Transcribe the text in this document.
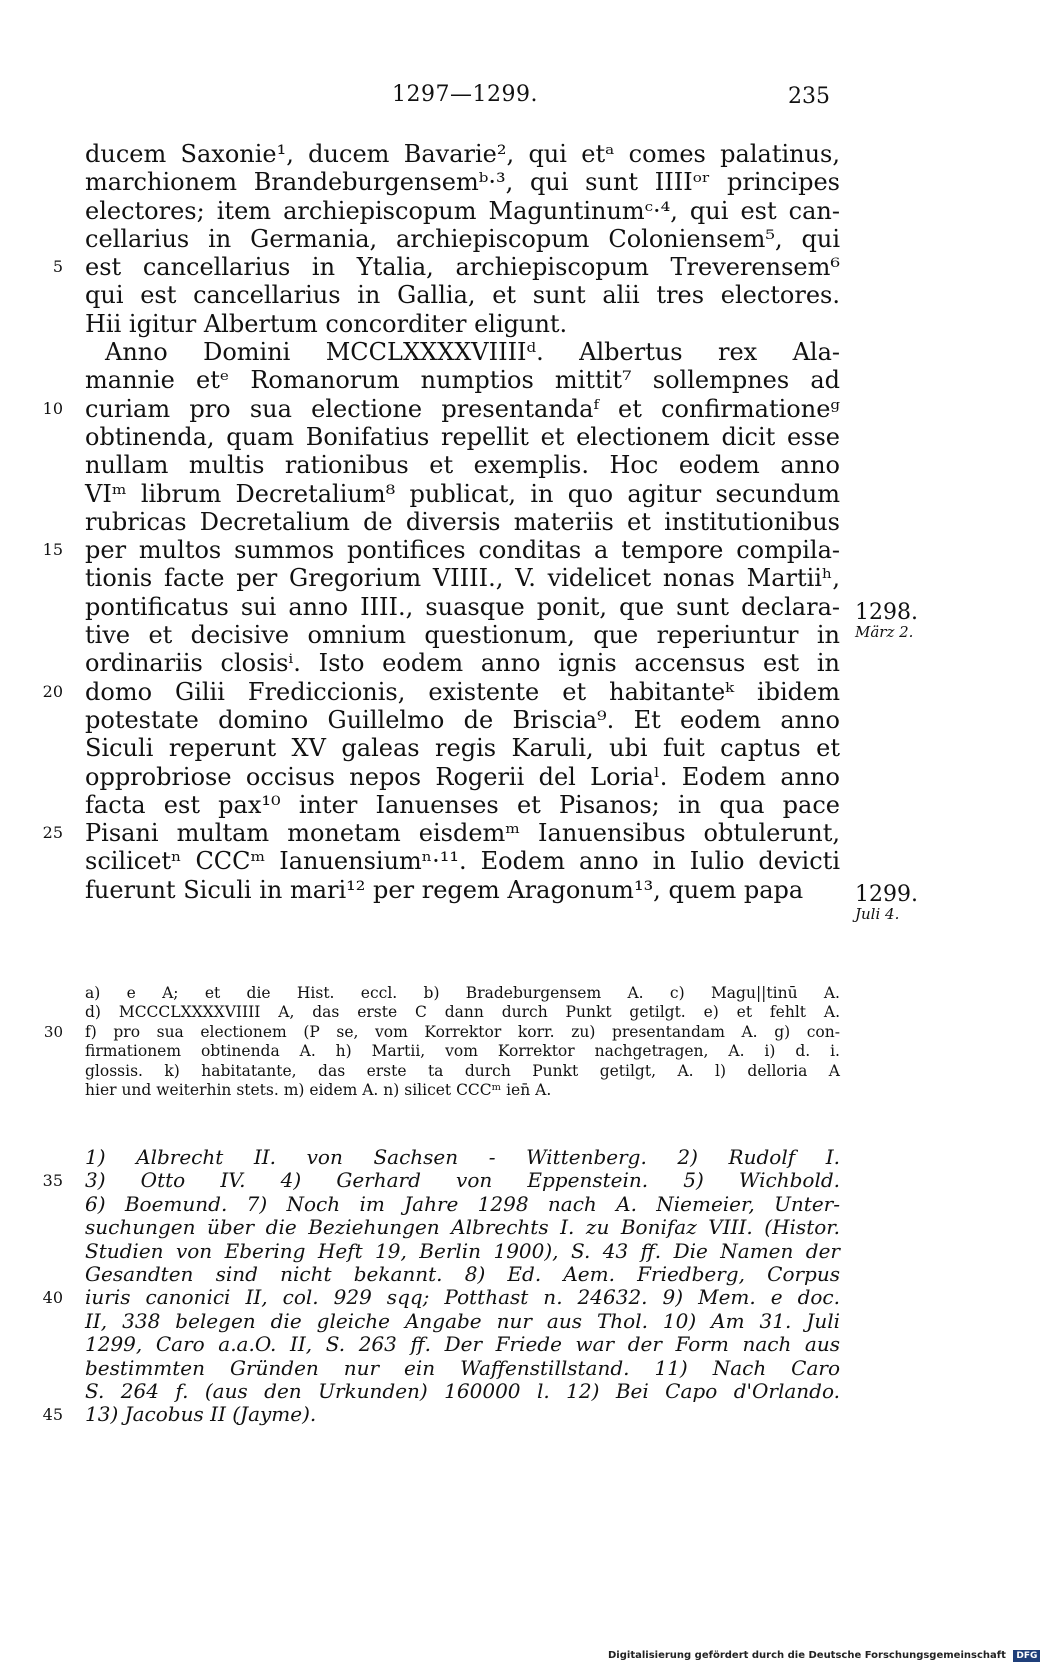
1297—1299.	235
ducem Saxonie¹, ducem Bavarie², qui etᵃ comes palatinus,
marchionem Brandeburgensemᵇ·³, qui sunt IIIIᵒʳ principes
electores; item archiepiscopum Maguntinumᶜ·⁴, qui est can-
cellarius in Germania, archiepiscopum Coloniensem⁵, qui
5 est cancellarius in Ytalia, archiepiscopum Treverensem⁶
qui est cancellarius in Gallia, et sunt alii tres electores.
Hii igitur Albertum concorditer eligunt.
Anno Domini MCCLXXXXVIIIIᵈ. Albertus rex Ala-
mannie etᵉ Romanorum numptios mittit⁷ sollempnes ad
10 curiam pro sua electione presentandaᶠ et confirmationeᵍ
obtinenda, quam Bonifatius repellit et electionem dicit esse
nullam multis rationibus et exemplis. Hoc eodem anno
VIᵐ librum Decretalium⁸ publicat, in quo agitur secundum
rubricas Decretalium de diversis materiis et institutionibus
15 per multos summos pontifices conditas a tempore compila-
tionis facte per Gregorium VIIII., V. videlicet nonas Martiiʰ,
pontificatus sui anno IIII., suasque ponit, que sunt declara-
tive et decisive omnium questionum, que reperiuntur in
ordinariis closisⁱ. Isto eodem anno ignis accensus est in
20 domo Gilii Frediccionis, existente et habitanteᵏ ibidem
potestate domino Guillelmo de Briscia⁹. Et eodem anno
Siculi reperunt XV galeas regis Karuli, ubi fuit captus et
opprobriose occisus nepos Rogerii del Loriaˡ. Eodem anno
facta est pax¹⁰ inter Ianuenses et Pisanos; in qua pace
25 Pisani multam monetam eisdemᵐ Ianuensibus obtulerunt,
scilicetⁿ CCCᵐ Ianuensiumⁿ·¹¹. Eodem anno in Iulio devicti
fuerunt Siculi in mari¹² per regem Aragonum¹³, quem papa
1298.
März 2.
1299.
Juli 4.
a) e A; et die Hist. eccl. b) Bradeburgensem A. c) Magu||tinū A.
d) MCCCLXXXXVIIII A, das erste C dann durch Punkt getilgt. e) et fehlt A.
30 f) pro sua electionem (P se, vom Korrektor korr. zu) presentandam A. g) con-
firmationem obtinenda A. h) Martii, vom Korrektor nachgetragen, A. i) d. i.
glossis. k) habitatante, das erste ta durch Punkt getilgt, A. l) delloria A
hier und weiterhin stets. m) eidem A. n) silicet CCCᵐ ien̄ A.
1) Albrecht II. von Sachsen - Wittenberg. 2) Rudolf I.
35 3) Otto IV. 4) Gerhard von Eppenstein. 5) Wichbold.
6) Boemund. 7) Noch im Jahre 1298 nach A. Niemeier, Unter-
suchungen über die Beziehungen Albrechts I. zu Bonifaz VIII. (Histor.
Studien von Ebering Heft 19, Berlin 1900), S. 43 ff. Die Namen der
Gesandten sind nicht bekannt. 8) Ed. Aem. Friedberg, Corpus
40 iuris canonici II, col. 929 sqq; Potthast n. 24632. 9) Mem. e doc.
II, 338 belegen die gleiche Angabe nur aus Thol. 10) Am 31. Juli
1299, Caro a.a.O. II, S. 263 ff. Der Friede war der Form nach aus
bestimmten Gründen nur ein Waffenstillstand. 11) Nach Caro
S. 264 f. (aus den Urkunden) 160000 l. 12) Bei Capo d'Orlando.
45 13) Jacobus II (Jayme).
Digitalisierung gefördert durch die Deutsche Forschungsgemeinschaft DFG
